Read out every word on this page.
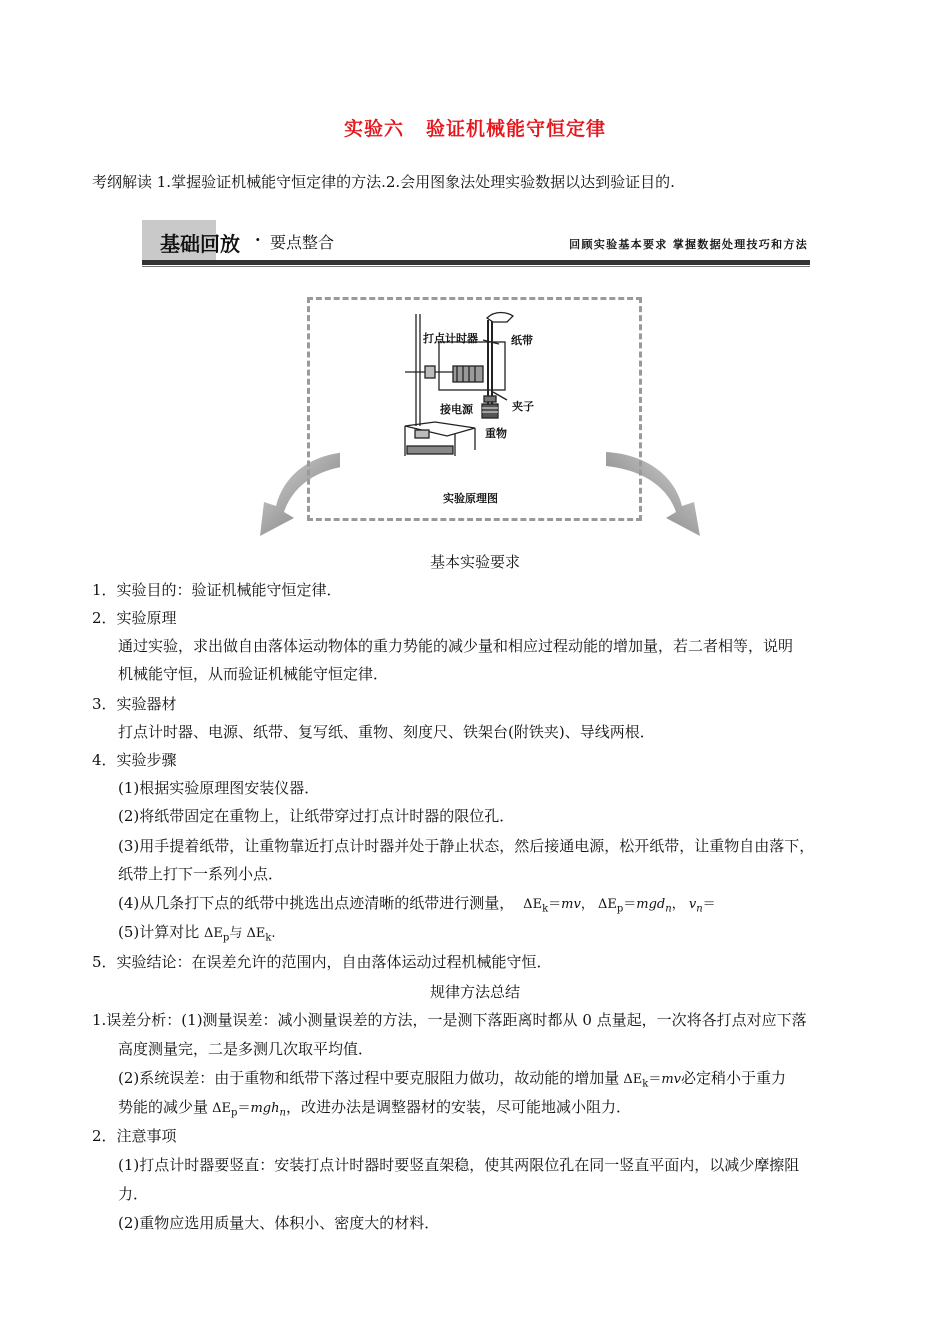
实验六 验证机械能守恒定律
考纲解读 1.掌握验证机械能守恒定律的方法.2.会用图象法处理实验数据以达到验证目的.
基础回放 · 要点整合	回顾实验基本要求 掌握数据处理技巧和方法
打点计时器	纸带
接电源	夹子
重物
实验原理图
基本实验要求
1．实验目的：验证机械能守恒定律．
2．实验原理
通过实验，求出做自由落体运动物体的重力势能的减少量和相应过程动能的增加量，若二者相等，说明
机械能守恒，从而验证机械能守恒定律．
3．实验器材
打点计时器、电源、纸带、复写纸、重物、刻度尺、铁架台(附铁夹)、导线两根．
4．实验步骤
(1)根据实验原理图安装仪器．
(2)将纸带固定在重物上，让纸带穿过打点计时器的限位孔．
(3)用手提着纸带，让重物靠近打点计时器并处于静止状态，然后接通电源，松开纸带，让重物自由落下，
纸带上打下一系列小点．
(4)从几条打下点的纸带中挑选出点迹清晰的纸带进行测量，  $\Delta E_k=mv$， $\Delta E_p=mgd_n$， $v_n=$
(5)计算对比 $\Delta E_p$与 $\Delta E_k$.
5．实验结论：在误差允许的范围内，自由落体运动过程机械能守恒．
规律方法总结
1.误差分析：(1)测量误差：减小测量误差的方法，一是测下落距离时都从 0 点量起，一次将各打点对应下落
高度测量完，二是多测几次取平均值．
(2)系统误差：由于重物和纸带下落过程中要克服阻力做功，故动能的增加量 $\Delta E_k=mv$必定稍小于重力
势能的减少量 $\Delta E_p=mgh_n$，改进办法是调整器材的安装，尽可能地减小阻力．
2．注意事项
(1)打点计时器要竖直：安装打点计时器时要竖直架稳，使其两限位孔在同一竖直平面内，以减少摩擦阻
力．
(2)重物应选用质量大、体积小、密度大的材料．
